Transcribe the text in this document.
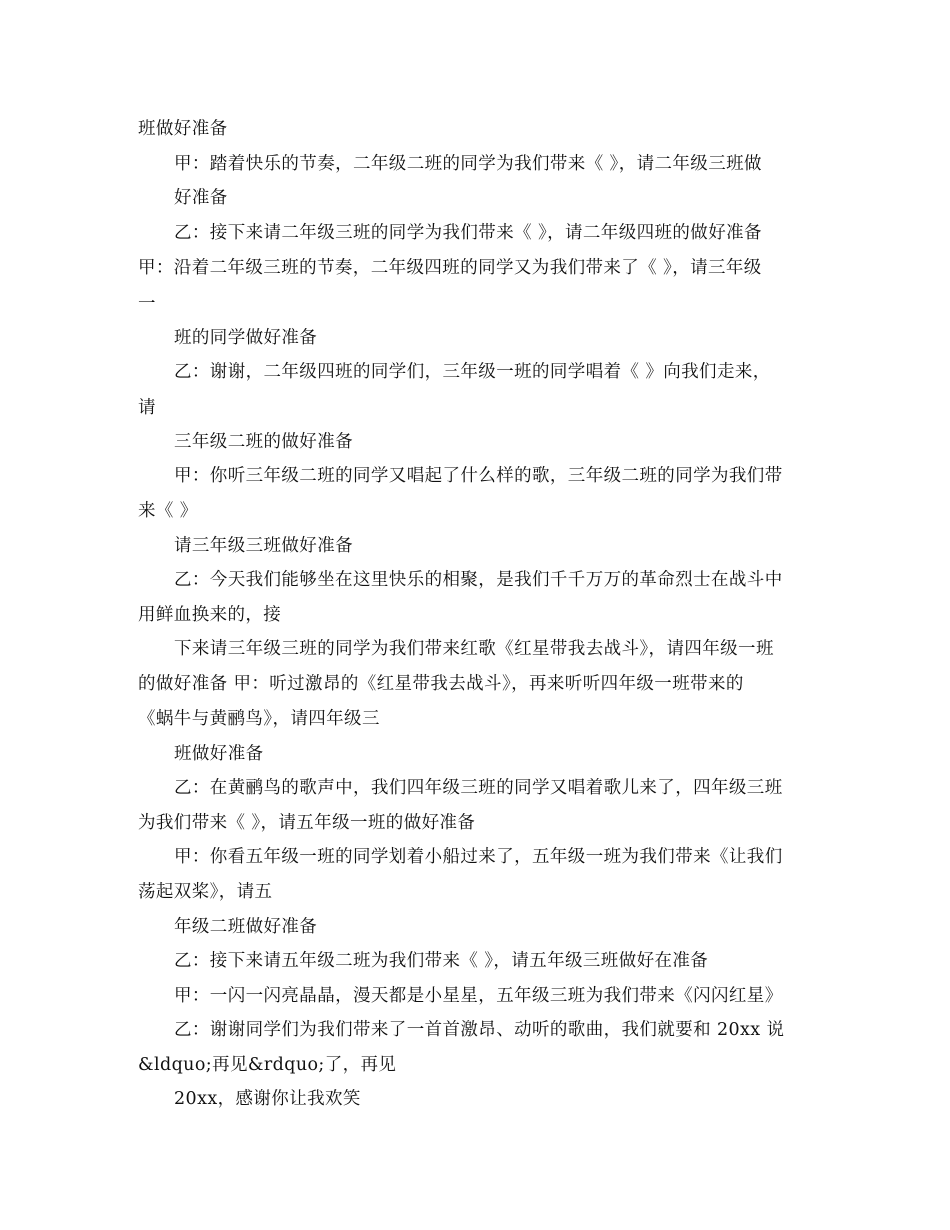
班做好准备
甲：踏着快乐的节奏，二年级二班的同学为我们带来《 》，请二年级三班做
好准备
乙：接下来请二年级三班的同学为我们带来《 》，请二年级四班的做好准备
甲：沿着二年级三班的节奏，二年级四班的同学又为我们带来了《 》，请三年级
一
班的同学做好准备
乙：谢谢，二年级四班的同学们，三年级一班的同学唱着《 》向我们走来，
请
三年级二班的做好准备
甲：你听三年级二班的同学又唱起了什么样的歌，三年级二班的同学为我们带
来《 》
请三年级三班做好准备
乙：今天我们能够坐在这里快乐的相聚，是我们千千万万的革命烈士在战斗中
用鲜血换来的，接
下来请三年级三班的同学为我们带来红歌《红星带我去战斗》，请四年级一班
的做好准备 甲：听过激昂的《红星带我去战斗》，再来听听四年级一班带来的
《蜗牛与黄鹂鸟》，请四年级三
班做好准备
乙：在黄鹂鸟的歌声中，我们四年级三班的同学又唱着歌儿来了，四年级三班
为我们带来《 》，请五年级一班的做好准备
甲：你看五年级一班的同学划着小船过来了，五年级一班为我们带来《让我们
荡起双桨》，请五
年级二班做好准备
乙：接下来请五年级二班为我们带来《 》，请五年级三班做好在准备
甲：一闪一闪亮晶晶，漫天都是小星星，五年级三班为我们带来《闪闪红星》
乙：谢谢同学们为我们带来了一首首激昂、动听的歌曲，我们就要和 20xx 说
&ldquo;再见&rdquo;了，再见
20xx，感谢你让我欢笑
